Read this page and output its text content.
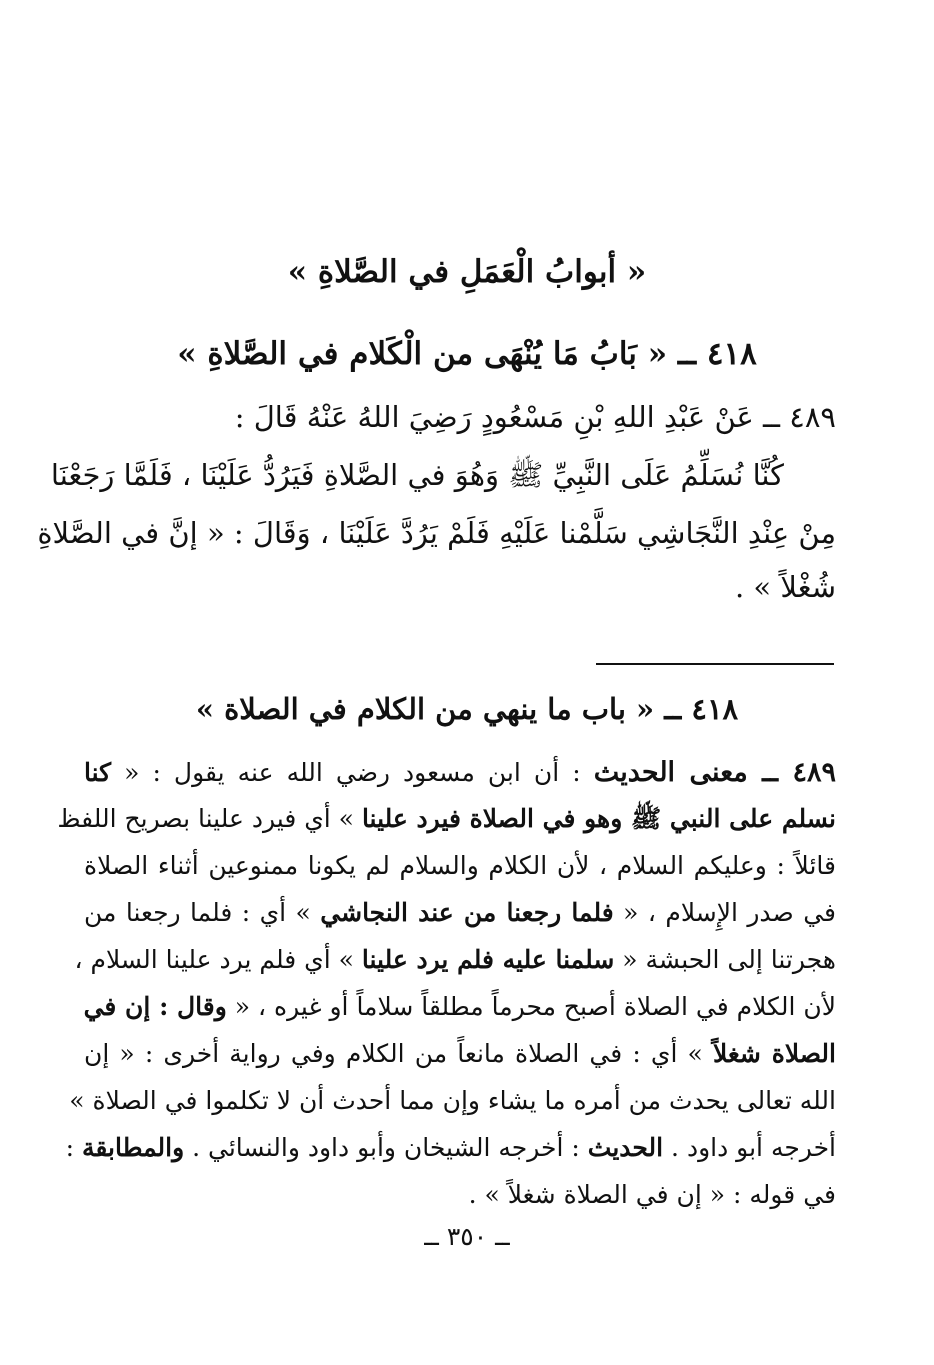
« أبوابُ الْعَمَلِ في الصَّلاةِ »
٤١٨ ــ « بَابُ مَا يُنْهَى من الْكَلام في الصَّلاةِ »
٤٨٩ ــ عَنْ عَبْدِ اللهِ بْنِ مَسْعُودٍ رَضِيَ اللهُ عَنْهُ قَالَ :
كُنَّا نُسَلِّمُ عَلَى النَّبِيِّ ﷺ وَهُوَ في الصَّلاةِ فَيَرُدُّ عَلَيْنَا ، فَلَمَّا رَجَعْنَا
مِنْ عِنْدِ النَّجَاشِي سَلَّمْنا عَلَيْهِ فَلَمْ يَرُدَّ عَلَيْنَا ، وَقَالَ : « إنَّ في الصَّلاةِ
شُغْلاً » .
٤١٨ ــ « باب ما ينهي من الكلام في الصلاة »
٤٨٩ ــ معنى الحديث : أن ابن مسعود رضي الله عنه يقول : « كنا
نسلم على النبي ﷺ وهو في الصلاة فيرد علينا » أي فيرد علينا بصريح اللفظ
قائلاً : وعليكم السلام ، لأن الكلام والسلام لم يكونا ممنوعين أثناء الصلاة
في صدر الإِسلام ، « فلما رجعنا من عند النجاشي » أي : فلما رجعنا من
هجرتنا إلى الحبشة « سلمنا عليه فلم يرد علينا » أي فلم يرد علينا السلام ،
لأن الكلام في الصلاة أصبح محرماً مطلقاً سلاماً أو غيره ، « وقال : إن في
الصلاة شغلاً » أي : في الصلاة مانعاً من الكلام وفي رواية أخرى : « إن
الله تعالى يحدث من أمره ما يشاء وإن مما أحدث أن لا تكلموا في الصلاة »
أخرجه أبو داود . الحديث : أخرجه الشيخان وأبو داود والنسائي . والمطابقة :
في قوله : « إن في الصلاة شغلاً » .
ــ ٣٥٠ ــ
